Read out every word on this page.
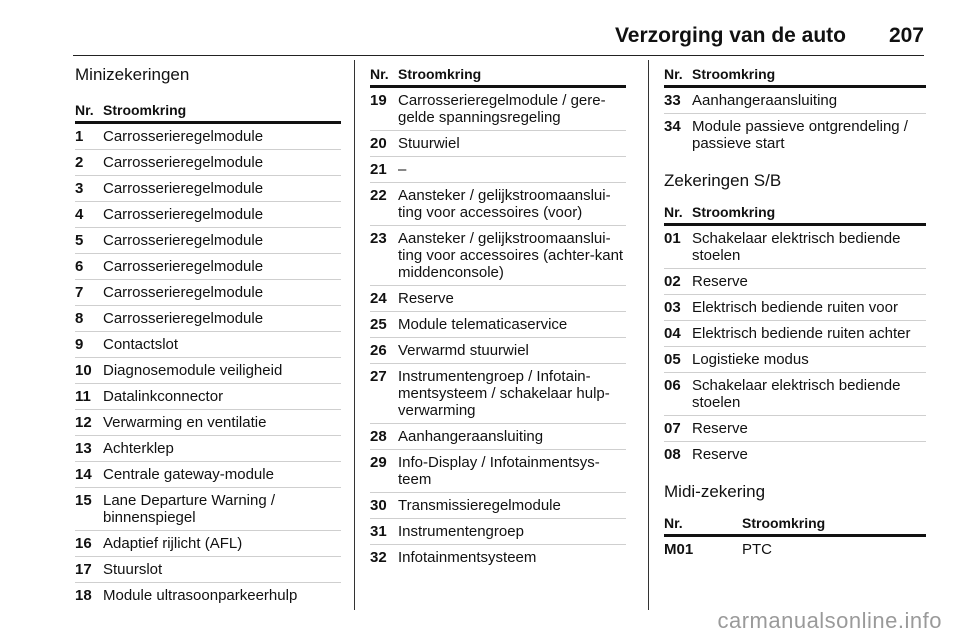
Verzorging van de auto 207
Minizekeringen
Nr.	Stroomkring
1	Carrosserieregelmodule
2	Carrosserieregelmodule
3	Carrosserieregelmodule
4	Carrosserieregelmodule
5	Carrosserieregelmodule
6	Carrosserieregelmodule
7	Carrosserieregelmodule
8	Carrosserieregelmodule
9	Contactslot
10	Diagnosemodule veiligheid
11	Datalinkconnector
12	Verwarming en ventilatie
13	Achterklep
14	Centrale gateway-module
15	Lane Departure Warning / binnenspiegel
16	Adaptief rijlicht (AFL)
17	Stuurslot
18	Module ultrasoonparkeerhulp
Nr.	Stroomkring
19	Carrosserieregelmodule / gere-gelde spanningsregeling
20	Stuurwiel
21	–
22	Aansteker / gelijkstroomaanslui-ting voor accessoires (voor)
23	Aansteker / gelijkstroomaanslui-ting voor accessoires (achter-kant middenconsole)
24	Reserve
25	Module telematicaservice
26	Verwarmd stuurwiel
27	Instrumentengroep / Infotain-mentsysteem / schakelaar hulp-verwarming
28	Aanhangeraansluiting
29	Info-Display / Infotainmentsys-teem
30	Transmissieregelmodule
31	Instrumentengroep
32	Infotainmentsysteem
Nr.	Stroomkring
33	Aanhangeraansluiting
34	Module passieve ontgrendeling / passieve start
Zekeringen S/B
Nr.	Stroomkring
01	Schakelaar elektrisch bediende stoelen
02	Reserve
03	Elektrisch bediende ruiten voor
04	Elektrisch bediende ruiten achter
05	Logistieke modus
06	Schakelaar elektrisch bediende stoelen
07	Reserve
08	Reserve
Midi-zekering
Nr.	Stroomkring
M01	PTC
carmanualsonline.info
